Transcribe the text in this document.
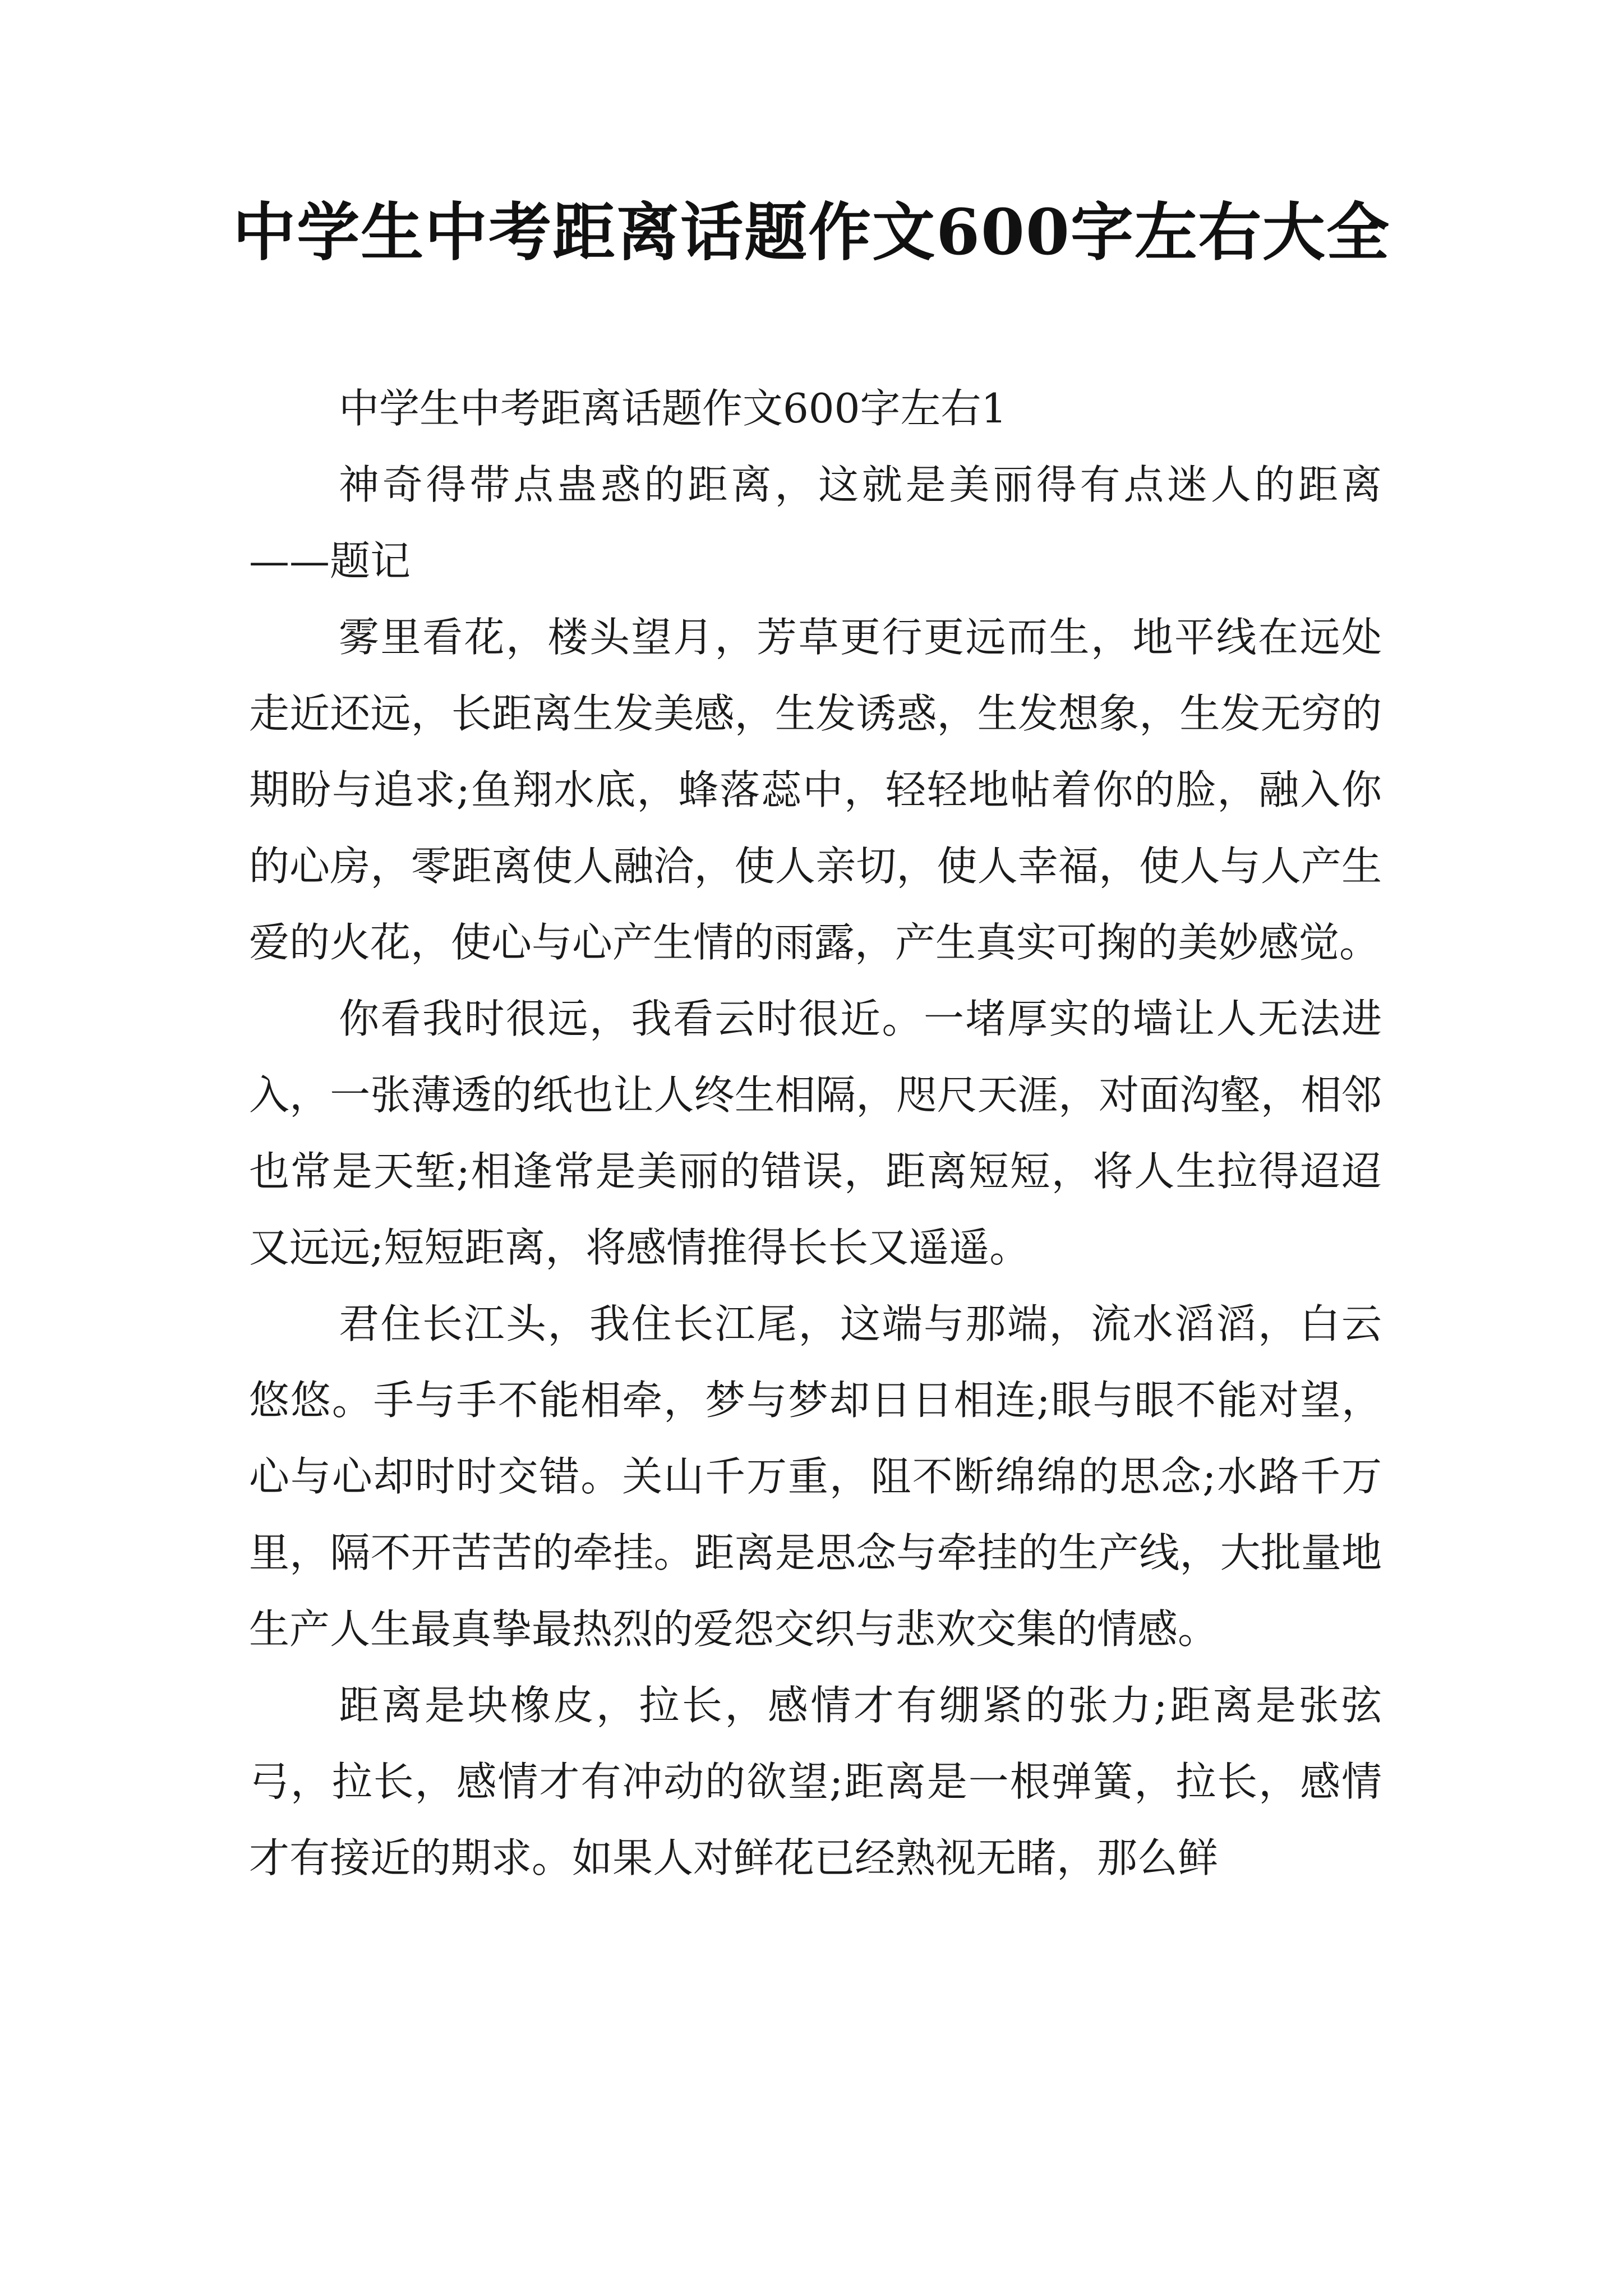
中学生中考距离话题作文600字左右大全

中学生中考距离话题作文600字左右1

神奇得带点蛊惑的距离，这就是美丽得有点迷人的距离——题记

雾里看花，楼头望月，芳草更行更远而生，地平线在远处走近还远，长距离生发美感，生发诱惑，生发想象，生发无穷的期盼与追求;鱼翔水底，蜂落蕊中，轻轻地帖着你的脸，融入你的心房，零距离使人融洽，使人亲切，使人幸福，使人与人产生爱的火花，使心与心产生情的雨露，产生真实可掬的美妙感觉。

你看我时很远，我看云时很近。一堵厚实的墙让人无法进入，一张薄透的纸也让人终生相隔，咫尺天涯，对面沟壑，相邻也常是天堑;相逢常是美丽的错误，距离短短，将人生拉得迢迢又远远;短短距离，将感情推得长长又遥遥。

君住长江头，我住长江尾，这端与那端，流水滔滔，白云悠悠。手与手不能相牵，梦与梦却日日相连;眼与眼不能对望，心与心却时时交错。关山千万重，阻不断绵绵的思念;水路千万里，隔不开苦苦的牵挂。距离是思念与牵挂的生产线，大批量地生产人生最真挚最热烈的爱怨交织与悲欢交集的情感。

距离是块橡皮，拉长，感情才有绷紧的张力;距离是张弦弓，拉长，感情才有冲动的欲望;距离是一根弹簧，拉长，感情才有接近的期求。如果人对鲜花已经熟视无睹，那么鲜
